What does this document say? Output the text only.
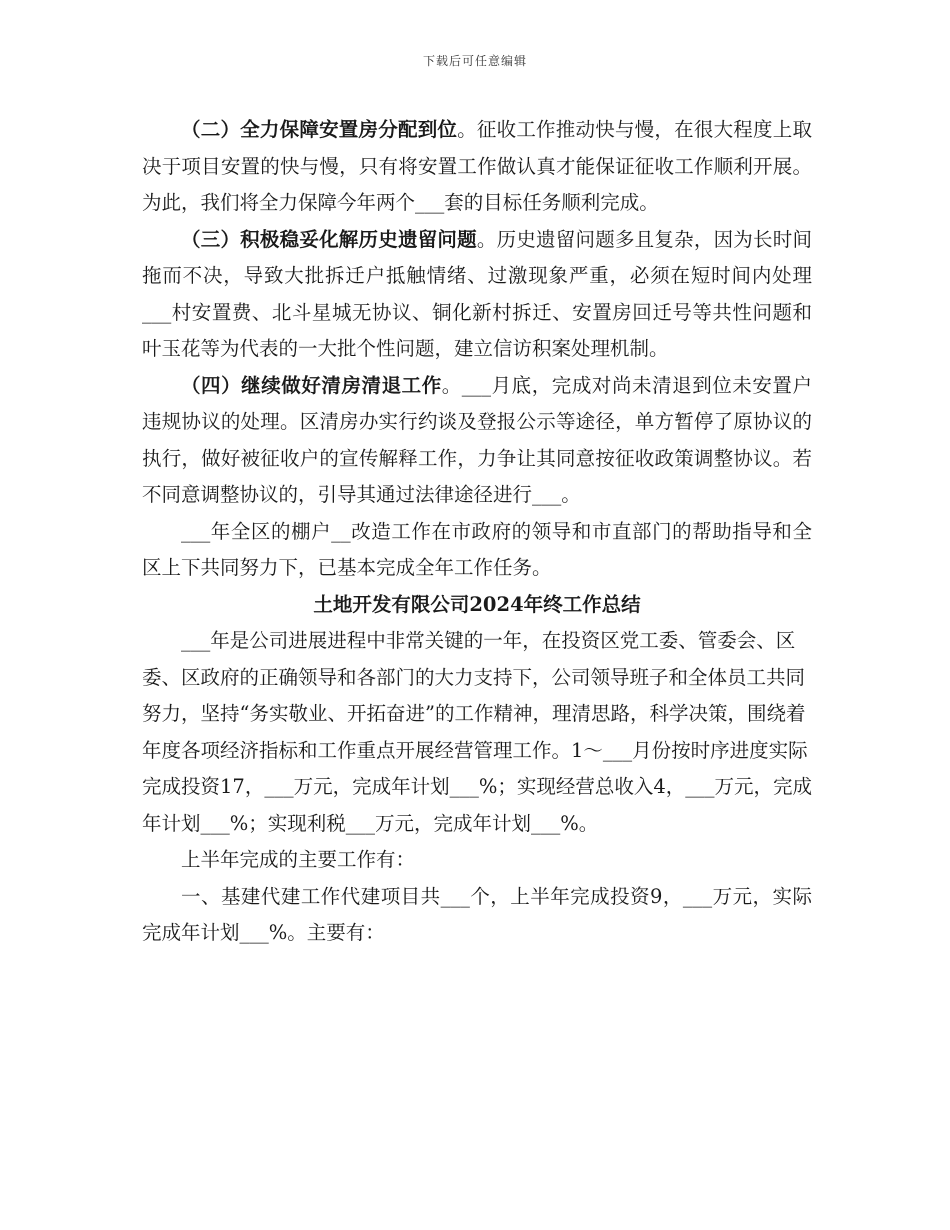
下载后可任意编辑

（二）全力保障安置房分配到位。征收工作推动快与慢，在很大程度上取决于项目安置的快与慢，只有将安置工作做认真才能保证征收工作顺利开展。为此，我们将全力保障今年两个___套的目标任务顺利完成。

（三）积极稳妥化解历史遗留问题。历史遗留问题多且复杂，因为长时间拖而不决，导致大批拆迁户抵触情绪、过激现象严重，必须在短时间内处理___村安置费、北斗星城无协议、铜化新村拆迁、安置房回迁号等共性问题和叶玉花等为代表的一大批个性问题，建立信访积案处理机制。

（四）继续做好清房清退工作。___月底，完成对尚未清退到位未安置户违规协议的处理。区清房办实行约谈及登报公示等途径，单方暂停了原协议的执行，做好被征收户的宣传解释工作，力争让其同意按征收政策调整协议。若不同意调整协议的，引导其通过法律途径进行___。

___年全区的棚户__改造工作在市政府的领导和市直部门的帮助指导和全区上下共同努力下，已基本完成全年工作任务。

土地开发有限公司2024年终工作总结

___年是公司进展进程中非常关键的一年，在投资区党工委、管委会、区委、区政府的正确领导和各部门的大力支持下，公司领导班子和全体员工共同努力，坚持“务实敬业、开拓奋进”的工作精神，理清思路，科学决策，围绕着年度各项经济指标和工作重点开展经营管理工作。1～___月份按时序进度实际完成投资17，___万元，完成年计划___%；实现经营总收入4，___万元，完成年计划___%；实现利税___万元，完成年计划___%。

上半年完成的主要工作有：

一、基建代建工作代建项目共___个，上半年完成投资9，___万元，实际完成年计划___%。主要有：
